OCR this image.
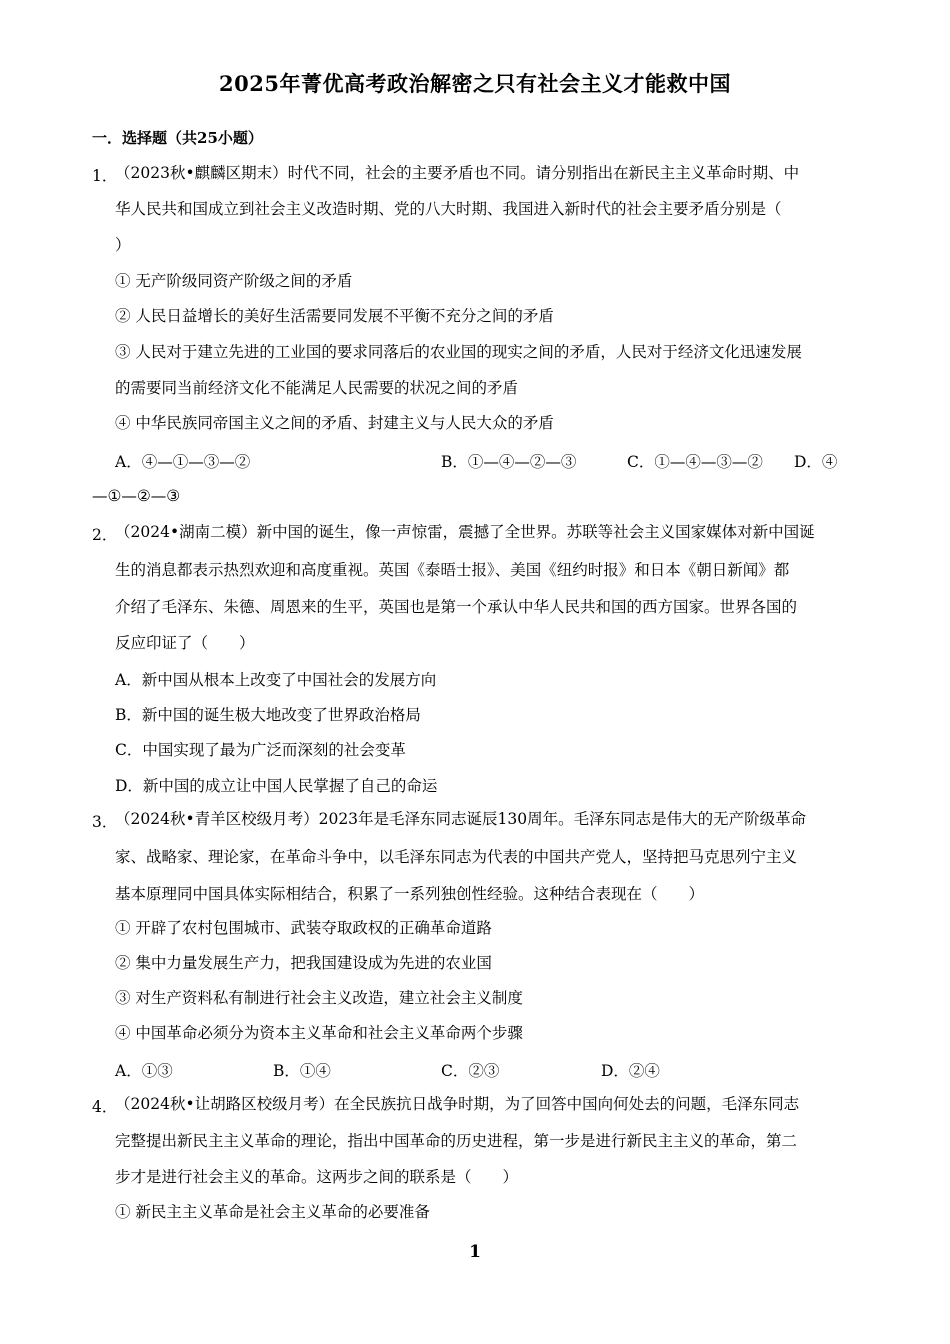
2025年菁优高考政治解密之只有社会主义才能救中国
一．选择题（共25小题）
1．
（2023秋•麒麟区期末）时代不同，社会的主要矛盾也不同。请分别指出在新民主主义革命时期、中
华人民共和国成立到社会主义改造时期、党的八大时期、我国进入新时代的社会主要矛盾分别是（
）
① 无产阶级同资产阶级之间的矛盾
② 人民日益增长的美好生活需要同发展不平衡不充分之间的矛盾
③ 人民对于建立先进的工业国的要求同落后的农业国的现实之间的矛盾，人民对于经济文化迅速发展
的需要同当前经济文化不能满足人民需要的状况之间的矛盾
④ 中华民族同帝国主义之间的矛盾、封建主义与人民大众的矛盾
A．④—①—③—②	B．①—④—②—③	C．①—④—③—② D．④
—①—②—③
2．
（2024•湖南二模）新中国的诞生，像一声惊雷，震撼了全世界。苏联等社会主义国家媒体对新中国诞
生的消息都表示热烈欢迎和高度重视。英国《泰晤士报》、美国《纽约时报》和日本《朝日新闻》都
介绍了毛泽东、朱德、周恩来的生平，英国也是第一个承认中华人民共和国的西方国家。世界各国的
反应印证了（　　）
A．新中国从根本上改变了中国社会的发展方向
B．新中国的诞生极大地改变了世界政治格局
C．中国实现了最为广泛而深刻的社会变革
D．新中国的成立让中国人民掌握了自己的命运
3．
（2024秋•青羊区校级月考）2023年是毛泽东同志诞辰130周年。毛泽东同志是伟大的无产阶级革命
家、战略家、理论家，在革命斗争中，以毛泽东同志为代表的中国共产党人，坚持把马克思列宁主义
基本原理同中国具体实际相结合，积累了一系列独创性经验。这种结合表现在（　　）
① 开辟了农村包围城市、武装夺取政权的正确革命道路
② 集中力量发展生产力，把我国建设成为先进的农业国
③ 对生产资料私有制进行社会主义改造，建立社会主义制度
④ 中国革命必须分为资本主义革命和社会主义革命两个步骤
A．①③	B．①④	C．②③	D．②④
4．
（2024秋•让胡路区校级月考）在全民族抗日战争时期，为了回答中国向何处去的问题，毛泽东同志
完整提出新民主主义革命的理论，指出中国革命的历史进程，第一步是进行新民主主义的革命，第二
步才是进行社会主义的革命。这两步之间的联系是（　　）
① 新民主主义革命是社会主义革命的必要准备
1
